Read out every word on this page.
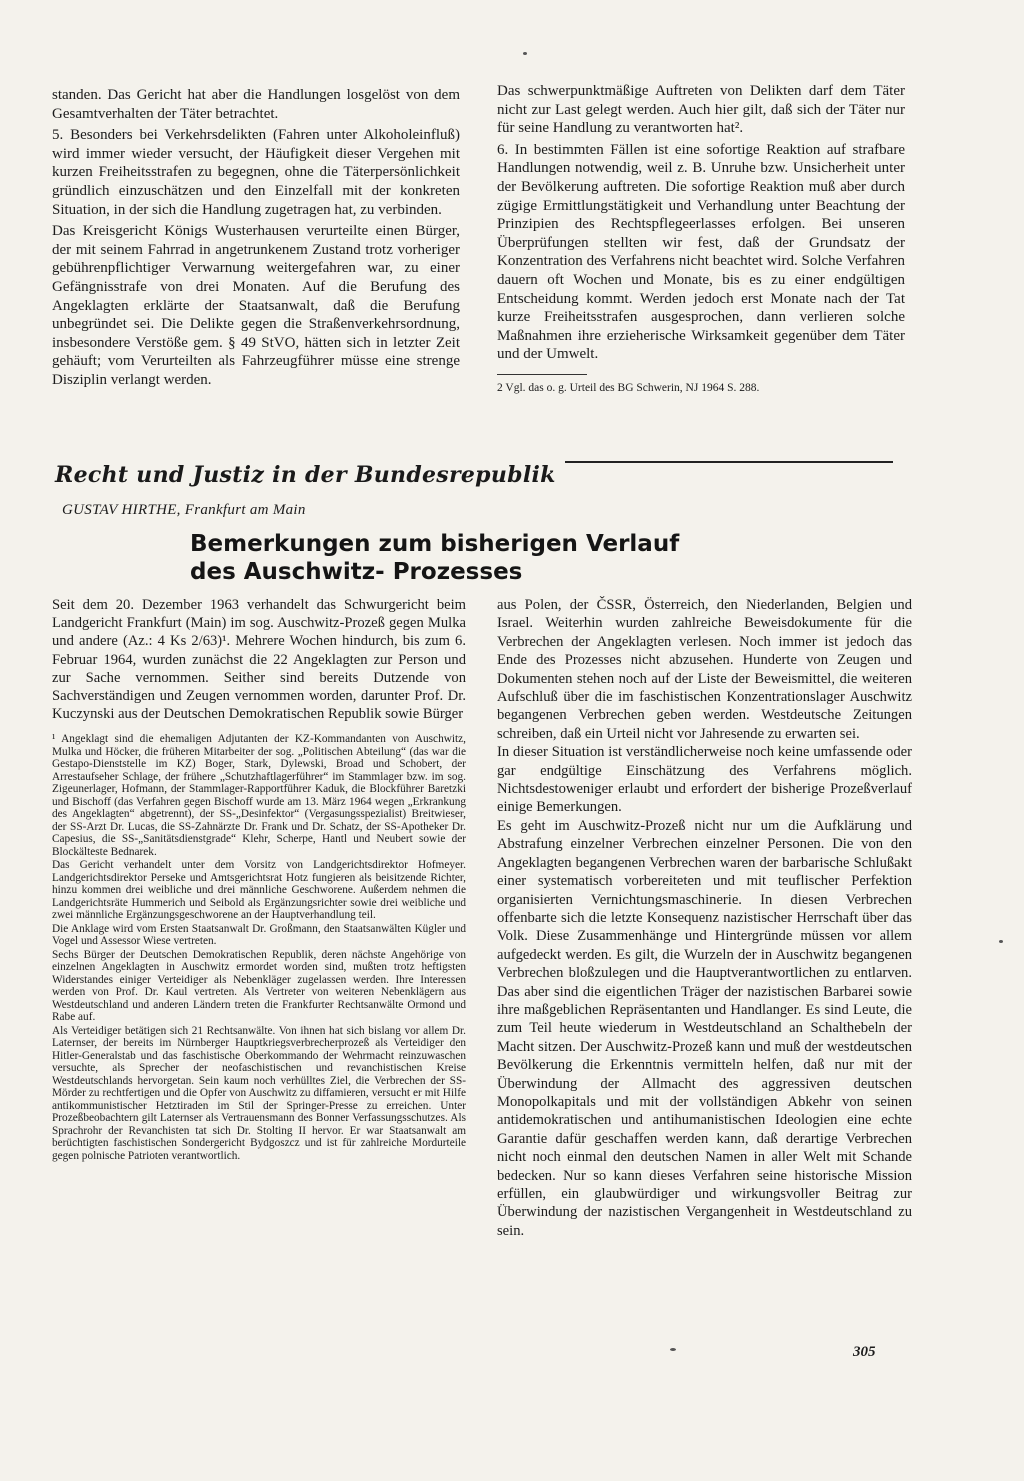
standen. Das Gericht hat aber die Handlungen losgelöst von dem Gesamtverhalten der Täter betrachtet.

5. Besonders bei Verkehrsdelikten (Fahren unter Alkoholeinfluß) wird immer wieder versucht, der Häufigkeit dieser Vergehen mit kurzen Freiheitsstrafen zu begegnen, ohne die Täterpersönlichkeit gründlich einzuschätzen und den Einzelfall mit der konkreten Situation, in der sich die Handlung zugetragen hat, zu verbinden.

Das Kreisgericht Königs Wusterhausen verurteilte einen Bürger, der mit seinem Fahrrad in angetrunkenem Zustand trotz vorheriger gebührenpflichtiger Verwarnung weitergefahren war, zu einer Gefängnisstrafe von drei Monaten. Auf die Berufung des Angeklagten erklärte der Staatsanwalt, daß die Berufung unbegründet sei. Die Delikte gegen die Straßenverkehrsordnung, insbesondere Verstöße gem. § 49 StVO, hätten sich in letzter Zeit gehäuft; vom Verurteilten als Fahrzeugführer müsse eine strenge Disziplin verlangt werden.

Das schwerpunktmäßige Auftreten von Delikten darf dem Täter nicht zur Last gelegt werden. Auch hier gilt, daß sich der Täter nur für seine Handlung zu verantworten hat².

6. In bestimmten Fällen ist eine sofortige Reaktion auf strafbare Handlungen notwendig, weil z. B. Unruhe bzw. Unsicherheit unter der Bevölkerung auftreten. Die sofortige Reaktion muß aber durch zügige Ermittlungstätigkeit und Verhandlung unter Beachtung der Prinzipien des Rechtspflegeerlasses erfolgen. Bei unseren Überprüfungen stellten wir fest, daß der Grundsatz der Konzentration des Verfahrens nicht beachtet wird. Solche Verfahren dauern oft Wochen und Monate, bis es zu einer endgültigen Entscheidung kommt. Werden jedoch erst Monate nach der Tat kurze Freiheitsstrafen ausgesprochen, dann verlieren solche Maßnahmen ihre erzieherische Wirksamkeit gegenüber dem Täter und der Umwelt.

2 Vgl. das o. g. Urteil des BG Schwerin, NJ 1964 S. 288.

Recht und Justiz in der Bundesrepublik

GUSTAV HIRTHE, Frankfurt am Main

Bemerkungen zum bisherigen Verlauf des Auschwitz- Prozesses

Seit dem 20. Dezember 1963 verhandelt das Schwurgericht beim Landgericht Frankfurt (Main) im sog. Auschwitz-Prozeß gegen Mulka und andere (Az.: 4 Ks 2/63)¹. Mehrere Wochen hindurch, bis zum 6. Februar 1964, wurden zunächst die 22 Angeklagten zur Person und zur Sache vernommen. Seither sind bereits Dutzende von Sachverständigen und Zeugen vernommen worden, darunter Prof. Dr. Kuczynski aus der Deutschen Demokratischen Republik sowie Bürger

¹ Angeklagt sind die ehemaligen Adjutanten der KZ-Kommandanten von Auschwitz, Mulka und Höcker, die früheren Mitarbeiter der sog. „Politischen Abteilung“ (das war die Gestapo-Dienststelle im KZ) Boger, Stark, Dylewski, Broad und Schobert, der Arrestaufseher Schlage, der frühere „Schutzhaftlagerführer“ im Stammlager bzw. im sog. Zigeunerlager, Hofmann, der Stammlager-Rapportführer Kaduk, die Blockführer Baretzki und Bischoff (das Verfahren gegen Bischoff wurde am 13. März 1964 wegen „Erkrankung des Angeklagten“ abgetrennt), der SS-„Desinfektor“ (Vergasungsspezialist) Breitwieser, der SS-Arzt Dr. Lucas, die SS-Zahnärzte Dr. Frank und Dr. Schatz, der SS-Apotheker Dr. Capesius, die SS-„Sanitätsdienstgrade“ Klehr, Scherpe, Hantl und Neubert sowie der Blockälteste Bednarek.

Das Gericht verhandelt unter dem Vorsitz von Landgerichtsdirektor Hofmeyer. Landgerichtsdirektor Perseke und Amtsgerichtsrat Hotz fungieren als beisitzende Richter, hinzu kommen drei weibliche und drei männliche Geschworene. Außerdem nehmen die Landgerichtsräte Hummerich und Seibold als Ergänzungsrichter sowie drei weibliche und zwei männliche Ergänzungsgeschworene an der Hauptverhandlung teil.

Die Anklage wird vom Ersten Staatsanwalt Dr. Großmann, den Staatsanwälten Kügler und Vogel und Assessor Wiese vertreten.

Sechs Bürger der Deutschen Demokratischen Republik, deren nächste Angehörige von einzelnen Angeklagten in Auschwitz ermordet worden sind, mußten trotz heftigsten Widerstandes einiger Verteidiger als Nebenkläger zugelassen werden. Ihre Interessen werden von Prof. Dr. Kaul vertreten. Als Vertreter von weiteren Nebenklägern aus Westdeutschland und anderen Ländern treten die Frankfurter Rechtsanwälte Ormond und Rabe auf.

Als Verteidiger betätigen sich 21 Rechtsanwälte. Von ihnen hat sich bislang vor allem Dr. Laternser, der bereits im Nürnberger Hauptkriegsverbrecherprozeß als Verteidiger den Hitler-Generalstab und das faschistische Oberkommando der Wehrmacht reinzuwaschen versuchte, als Sprecher der neofaschistischen und revanchistischen Kreise Westdeutschlands hervorgetan. Sein kaum noch verhülltes Ziel, die Verbrechen der SS-Mörder zu rechtfertigen und die Opfer von Auschwitz zu diffamieren, versucht er mit Hilfe antikommunistischer Hetztiraden im Stil der Springer-Presse zu erreichen. Unter Prozeßbeobachtern gilt Laternser als Vertrauensmann des Bonner Verfassungsschutzes. Als Sprachrohr der Revanchisten tat sich Dr. Stolting II hervor. Er war Staatsanwalt am berüchtigten faschistischen Sondergericht Bydgoszcz und ist für zahlreiche Mordurteile gegen polnische Patrioten verantwortlich.

aus Polen, der ČSSR, Österreich, den Niederlanden, Belgien und Israel. Weiterhin wurden zahlreiche Beweisdokumente für die Verbrechen der Angeklagten verlesen. Noch immer ist jedoch das Ende des Prozesses nicht abzusehen. Hunderte von Zeugen und Dokumenten stehen noch auf der Liste der Beweismittel, die weiteren Aufschluß über die im faschistischen Konzentrationslager Auschwitz begangenen Verbrechen geben werden. Westdeutsche Zeitungen schreiben, daß ein Urteil nicht vor Jahresende zu erwarten sei.

In dieser Situation ist verständlicherweise noch keine umfassende oder gar endgültige Einschätzung des Verfahrens möglich. Nichtsdestoweniger erlaubt und erfordert der bisherige Prozeßverlauf einige Bemerkungen.

Es geht im Auschwitz-Prozeß nicht nur um die Aufklärung und Abstrafung einzelner Verbrechen einzelner Personen. Die von den Angeklagten begangenen Verbrechen waren der barbarische Schlußakt einer systematisch vorbereiteten und mit teuflischer Perfektion organisierten Vernichtungsmaschinerie. In diesen Verbrechen offenbarte sich die letzte Konsequenz nazistischer Herrschaft über das Volk. Diese Zusammenhänge und Hintergründe müssen vor allem aufgedeckt werden. Es gilt, die Wurzeln der in Auschwitz begangenen Verbrechen bloßzulegen und die Hauptverantwortlichen zu entlarven. Das aber sind die eigentlichen Träger der nazistischen Barbarei sowie ihre maßgeblichen Repräsentanten und Handlanger. Es sind Leute, die zum Teil heute wiederum in Westdeutschland an Schalthebeln der Macht sitzen. Der Auschwitz-Prozeß kann und muß der westdeutschen Bevölkerung die Erkenntnis vermitteln helfen, daß nur mit der Überwindung der Allmacht des aggressiven deutschen Monopolkapitals und mit der vollständigen Abkehr von seinen antidemokratischen und antihumanistischen Ideologien eine echte Garantie dafür geschaffen werden kann, daß derartige Verbrechen nicht noch einmal den deutschen Namen in aller Welt mit Schande bedecken. Nur so kann dieses Verfahren seine historische Mission erfüllen, ein glaubwürdiger und wirkungsvoller Beitrag zur Überwindung der nazistischen Vergangenheit in Westdeutschland zu sein.

305
